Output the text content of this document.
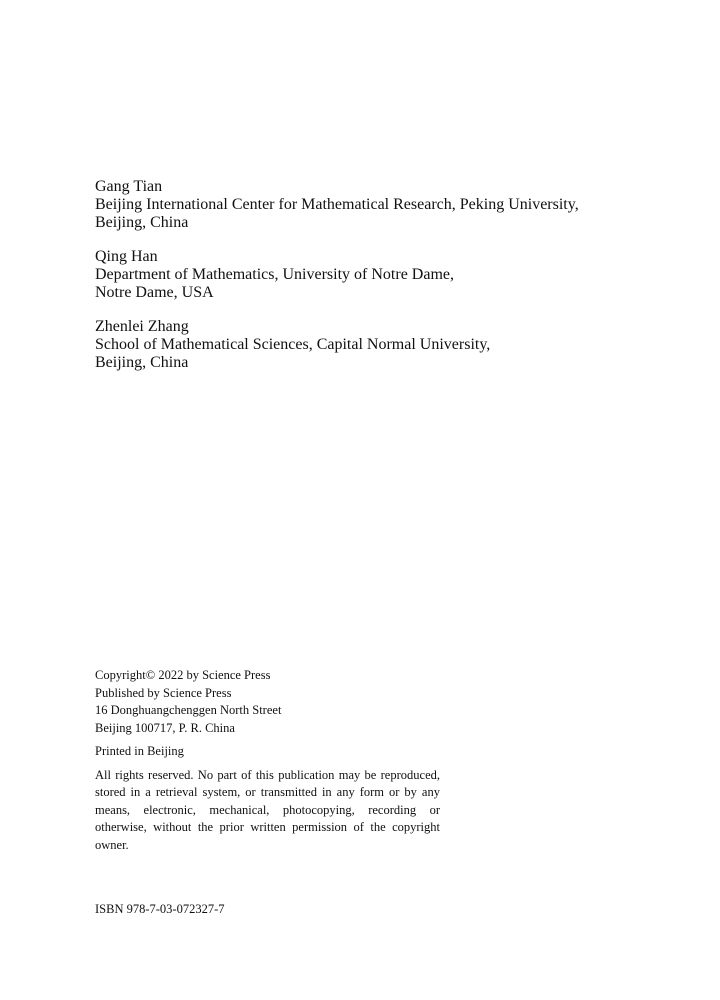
Gang Tian
Beijing International Center for Mathematical Research, Peking University,
Beijing, China
Qing Han
Department of Mathematics, University of Notre Dame,
Notre Dame, USA
Zhenlei Zhang
School of Mathematical Sciences, Capital Normal University,
Beijing, China
Copyright© 2022 by Science Press
Published by Science Press
16 Donghuangchenggen North Street
Beijing 100717, P. R. China
Printed in Beijing
All rights reserved. No part of this publication may be reproduced, stored in a retrieval system, or transmitted in any form or by any means, electronic, mechanical, photocopying, recording or otherwise, without the prior written permission of the copyright owner.
ISBN 978-7-03-072327-7
